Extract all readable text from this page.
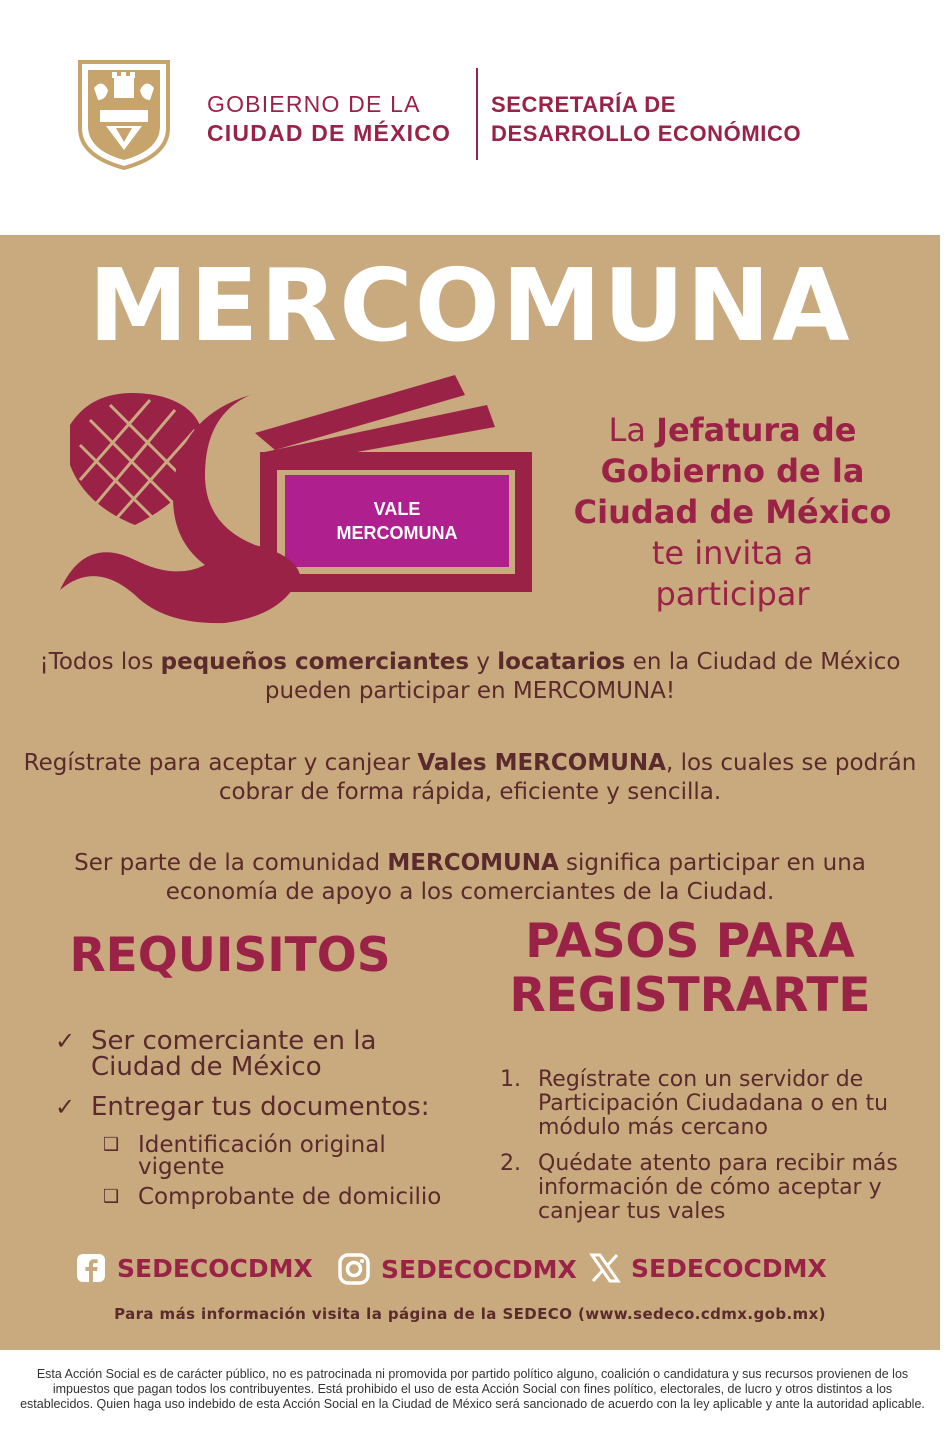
GOBIERNO DE LA
CIUDAD DE MÉXICO
SECRETARÍA DE
DESARROLLO ECONÓMICO
MERCOMUNA
VALE
MERCOMUNA
La Jefatura de
Gobierno de la
Ciudad de México
te invita a
participar
¡Todos los pequeños comerciantes y locatarios en la Ciudad de México pueden participar en MERCOMUNA!
Regístrate para aceptar y canjear Vales MERCOMUNA, los cuales se podrán cobrar de forma rápida, eficiente y sencilla.
Ser parte de la comunidad MERCOMUNA significa participar en una economía de apoyo a los comerciantes de la Ciudad.
REQUISITOS	PASOS PARA
REGISTRARTE
✓ Ser comerciante en la Ciudad de México
✓ Entregar tus documentos:
❑ Identificación original vigente
❑ Comprobante de domicilio
1. Regístrate con un servidor de Participación Ciudadana o en tu módulo más cercano
2. Quédate atento para recibir más información de cómo aceptar y canjear tus vales
SEDECOCDMX	SEDECOCDMX SEDECOCDMX
Para más información visita la página de la SEDECO (www.sedeco.cdmx.gob.mx)
Esta Acción Social es de carácter público, no es patrocinada ni promovida por partido político alguno, coalición o candidatura y sus recursos provienen de los impuestos que pagan todos los contribuyentes. Está prohibido el uso de esta Acción Social con fines político, electorales, de lucro y otros distintos a los establecidos. Quien haga uso indebido de esta Acción Social en la Ciudad de México será sancionado de acuerdo con la ley aplicable y ante la autoridad aplicable.
